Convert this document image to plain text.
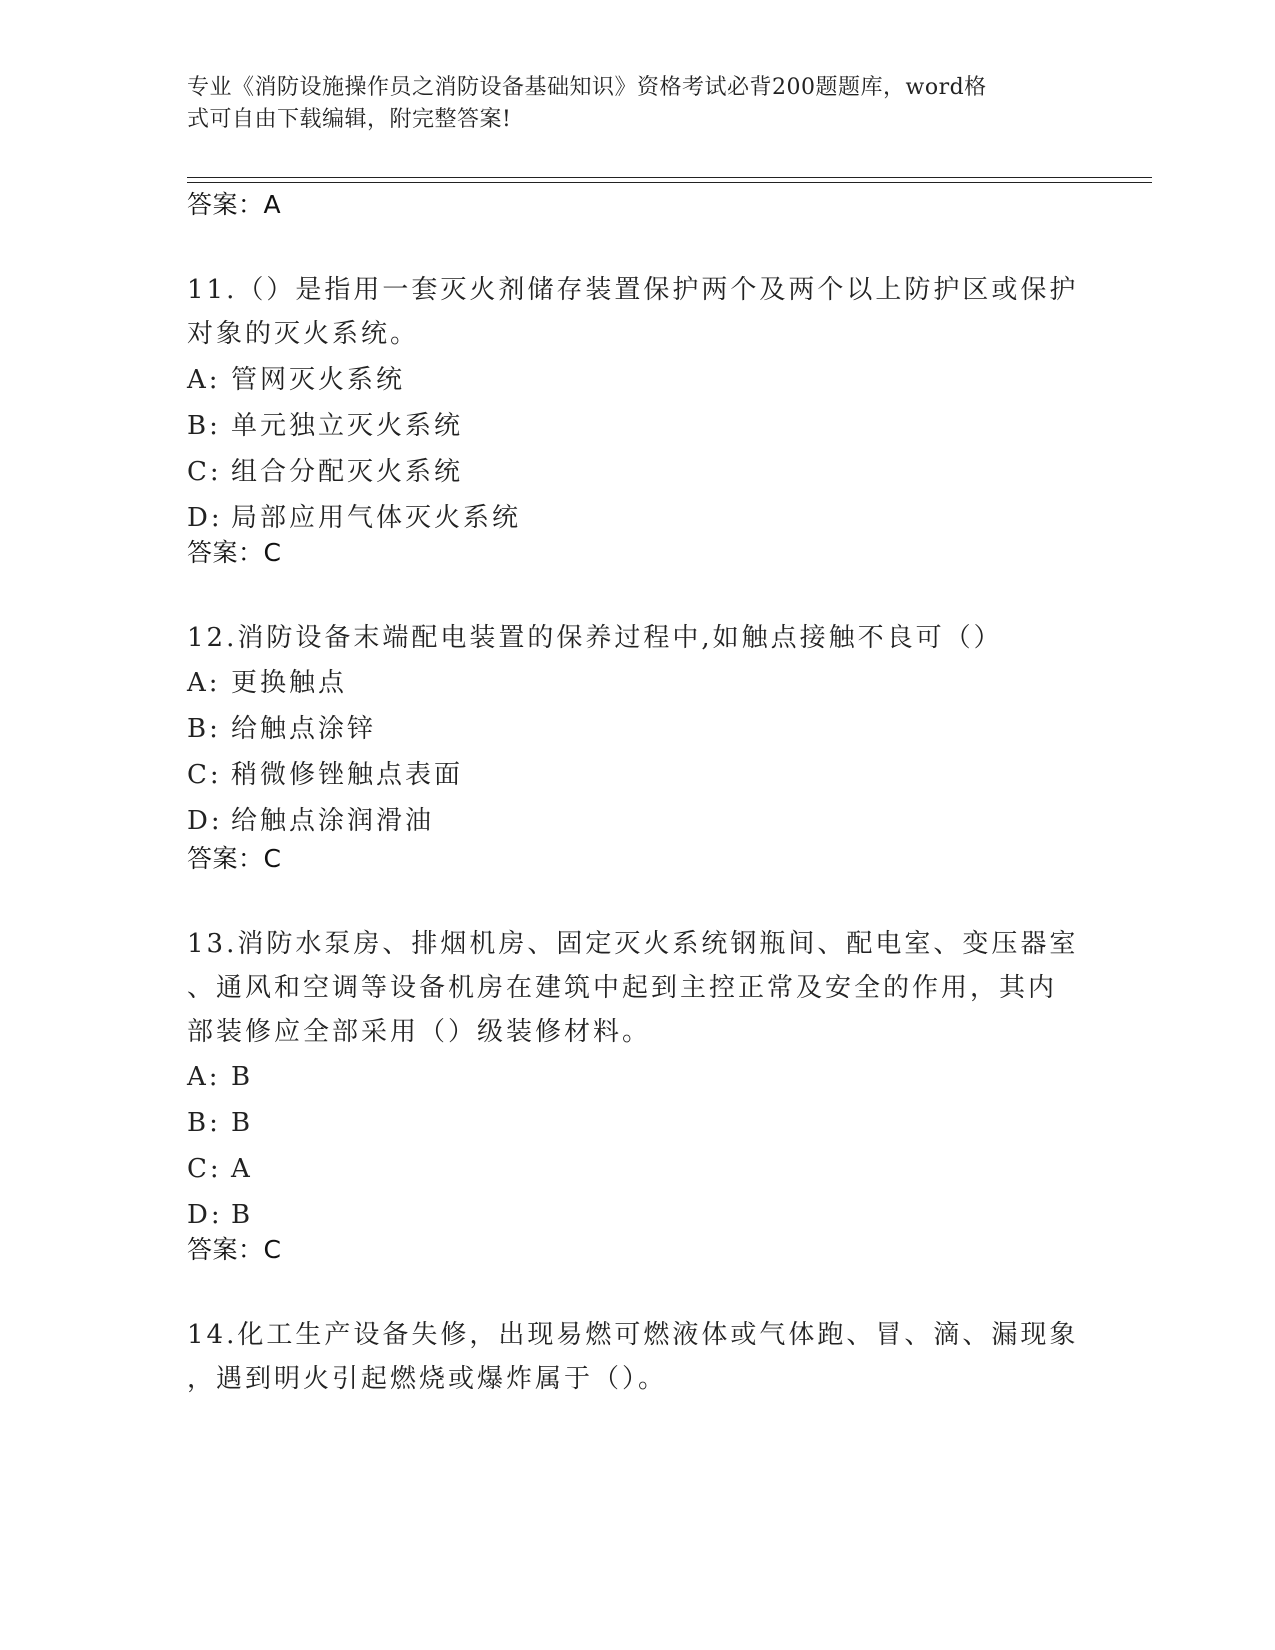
专业《消防设施操作员之消防设备基础知识》资格考试必背200题题库，word格
式可自由下载编辑，附完整答案!
答案：A
11.（）是指用一套灭火剂储存装置保护两个及两个以上防护区或保护
对象的灭火系统。
A: 管网灭火系统
B: 单元独立灭火系统
C: 组合分配灭火系统
D: 局部应用气体灭火系统
答案：C
12.消防设备末端配电装置的保养过程中,如触点接触不良可（）
A: 更换触点
B: 给触点涂锌
C: 稍微修锉触点表面
D: 给触点涂润滑油
答案：C
13.消防水泵房、排烟机房、固定灭火系统钢瓶间、配电室、变压器室
、通风和空调等设备机房在建筑中起到主控正常及安全的作用，其内
部装修应全部采用（）级装修材料。
A: B
B: B
C: A
D: B
答案：C
14.化工生产设备失修，出现易燃可燃液体或气体跑、冒、滴、漏现象
，遇到明火引起燃烧或爆炸属于（）。
